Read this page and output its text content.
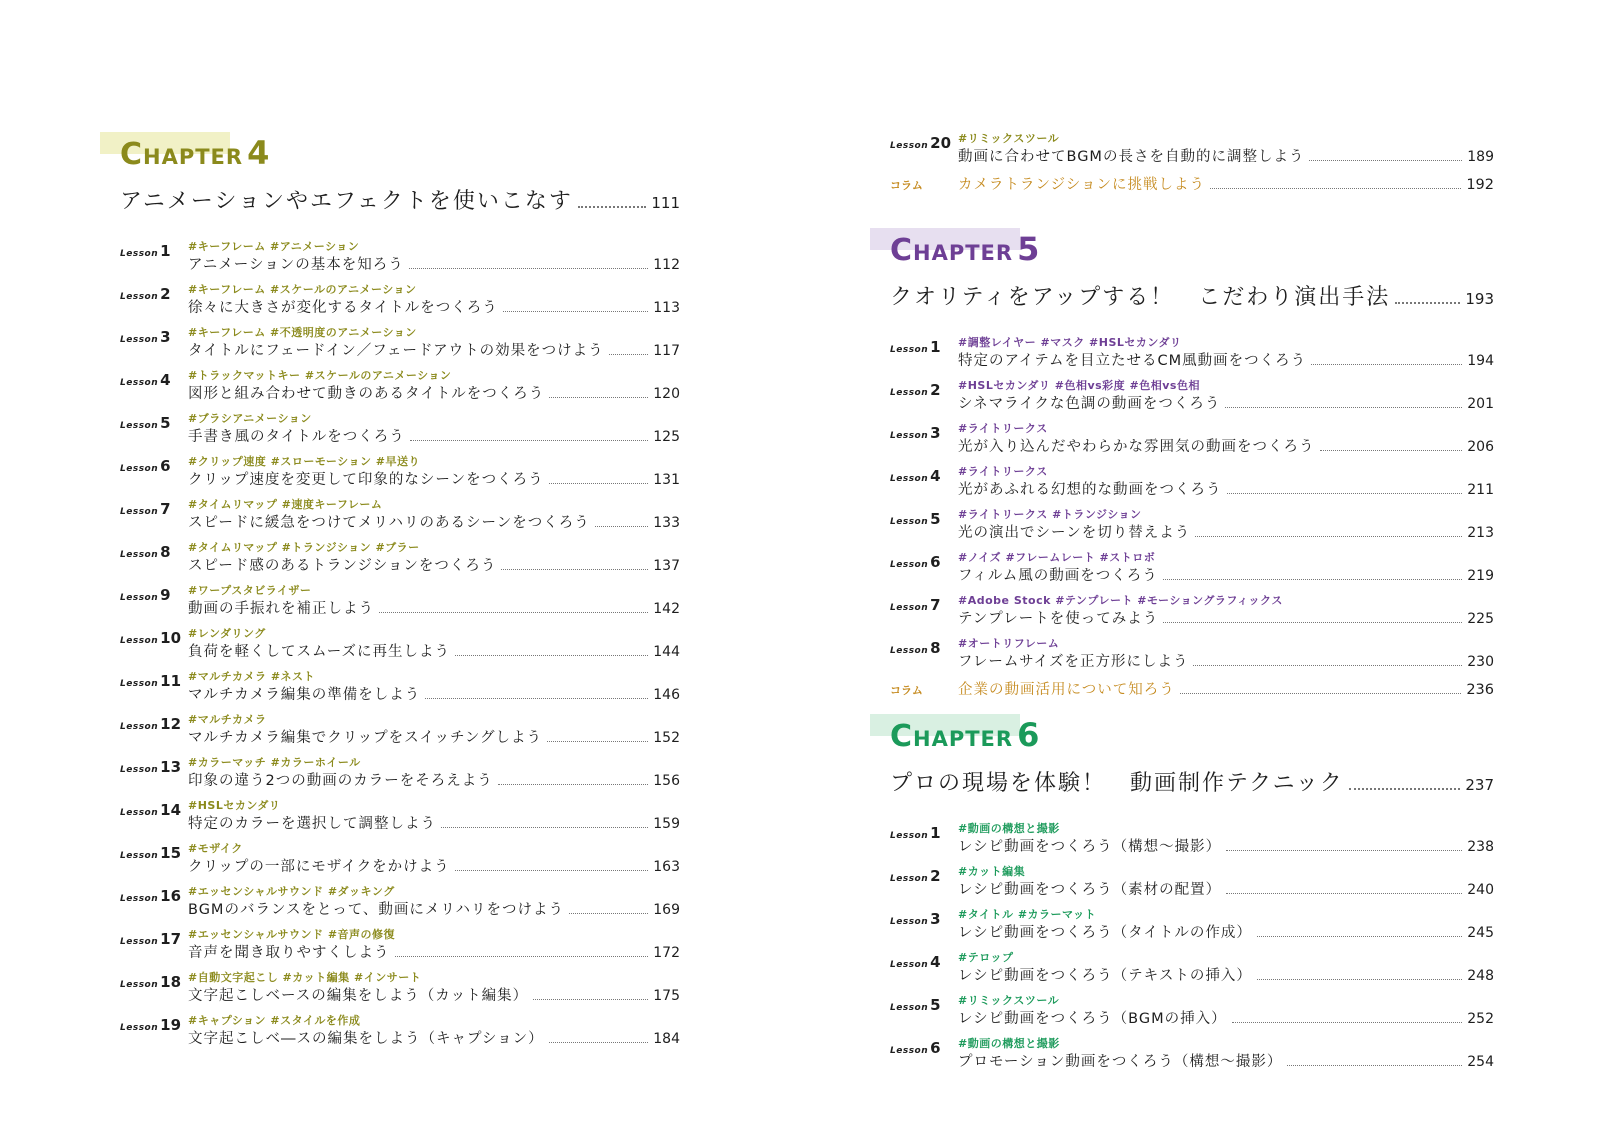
Chapter 4
アニメーションやエフェクトを使いこなす	111
Lesson 1	#キーフレーム #アニメーション
アニメーションの基本を知ろう	112
Lesson 2	#キーフレーム #スケールのアニメーション
徐々に大きさが変化するタイトルをつくろう	113
Lesson 3	#キーフレーム #不透明度のアニメーション
タイトルにフェードイン／フェードアウトの効果をつけよう	117
Lesson 4	#トラックマットキー #スケールのアニメーション
図形と組み合わせて動きのあるタイトルをつくろう	120
Lesson 5	#ブラシアニメーション
手書き風のタイトルをつくろう	125
Lesson 6	#クリップ速度 #スローモーション #早送り
クリップ速度を変更して印象的なシーンをつくろう	131
Lesson 7	#タイムリマップ #速度キーフレーム
スピードに緩急をつけてメリハリのあるシーンをつくろう	133
Lesson 8	#タイムリマップ #トランジション #ブラー
スピード感のあるトランジションをつくろう	137
Lesson 9	#ワープスタビライザー
動画の手振れを補正しよう	142
Lesson 10 #レンダリング
負荷を軽くしてスムーズに再生しよう	144
Lesson 11 #マルチカメラ #ネスト
マルチカメラ編集の準備をしよう	146
Lesson 12 #マルチカメラ
マルチカメラ編集でクリップをスイッチングしよう	152
Lesson 13 #カラーマッチ #カラーホイール
印象の違う2つの動画のカラーをそろえよう	156
Lesson 14 #HSLセカンダリ
特定のカラーを選択して調整しよう	159
Lesson 15 #モザイク
クリップの一部にモザイクをかけよう	163
Lesson 16 #エッセンシャルサウンド #ダッキング
BGMのバランスをとって、動画にメリハリをつけよう	169
Lesson 17 #エッセンシャルサウンド #音声の修復
音声を聞き取りやすくしよう	172
Lesson 18 #自動文字起こし #カット編集 #インサート
文字起こしベースの編集をしよう（カット編集）	175
Lesson 19 #キャプション #スタイルを作成
文字起こしベ―スの編集をしよう（キャプション）	184
Lesson 20 #リミックスツール
動画に合わせてBGMの長さを自動的に調整しよう	189
コラム	カメラトランジションに挑戦しよう	192
Chapter 5
クオリティをアップする！　こだわり演出手法	193
Lesson 1	#調整レイヤー #マスク #HSLセカンダリ
特定のアイテムを目立たせるCM風動画をつくろう	194
Lesson 2	#HSLセカンダリ #色相vs彩度 #色相vs色相
シネマライクな色調の動画をつくろう	201
Lesson 3	#ライトリークス
光が入り込んだやわらかな雰囲気の動画をつくろう	206
Lesson 4	#ライトリークス
光があふれる幻想的な動画をつくろう	211
Lesson 5	#ライトリークス #トランジション
光の演出でシーンを切り替えよう	213
Lesson 6	#ノイズ #フレームレート #ストロボ
フィルム風の動画をつくろう	219
Lesson 7	#Adobe Stock #テンプレート #モーショングラフィックス
テンプレートを使ってみよう	225
Lesson 8	#オートリフレーム
フレームサイズを正方形にしよう	230
コラム	企業の動画活用について知ろう	236
Chapter 6
プロの現場を体験！　動画制作テクニック	237
Lesson 1	#動画の構想と撮影
レシピ動画をつくろう（構想～撮影）	238
Lesson 2	#カット編集
レシピ動画をつくろう（素材の配置）	240
Lesson 3	#タイトル #カラーマット
レシピ動画をつくろう（タイトルの作成）	245
Lesson 4	#テロップ
レシピ動画をつくろう（テキストの挿入）	248
Lesson 5	#リミックスツール
レシピ動画をつくろう（BGMの挿入）	252
Lesson 6	#動画の構想と撮影
プロモーション動画をつくろう（構想～撮影）	254
